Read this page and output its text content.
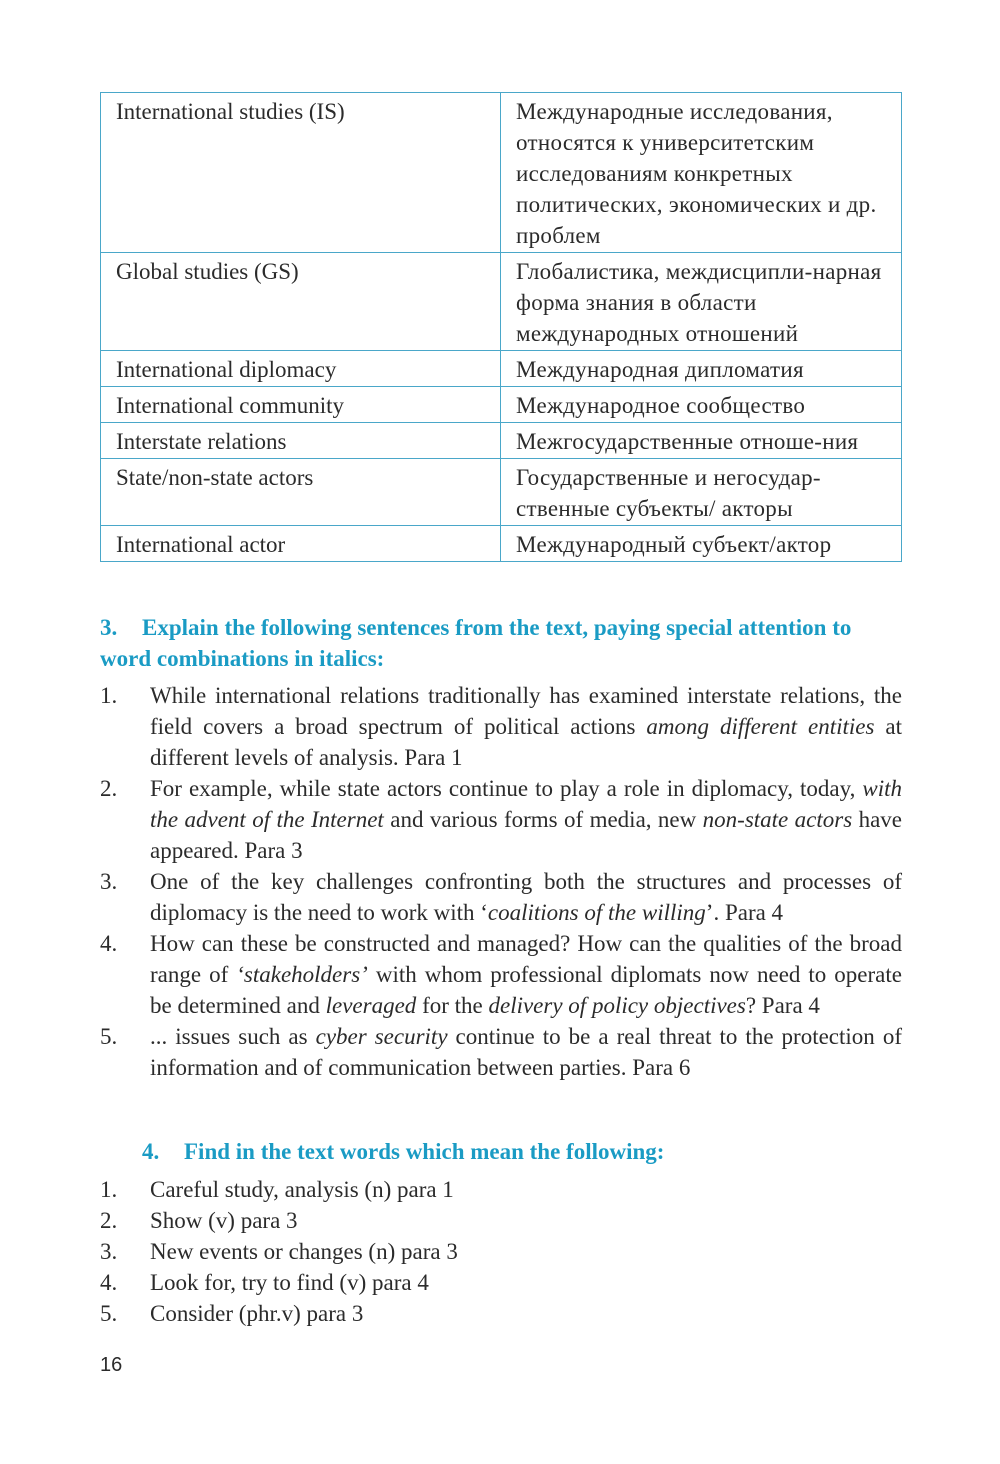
International studies (IS)	Международные исследования, относятся к университетским исследованиям конкретных политических, экономических и др. проблем
Global studies (GS)	Глобалистика, междисципли-нарная форма знания в области международных отношений
International diplomacy	Международная дипломатия
International community	Международное сообщество
Interstate relations	Межгосударственные отноше-ния
State/non-state actors	Государственные и негосудар-ственные субъекты/ акторы
International actor	Международный субъект/актор
3. Explain the following sentences from the text, paying special attention to word combinations in italics:
1. While international relations traditionally has examined interstate relations, the field covers a broad spectrum of political actions among different entities at different levels of analysis. Para 1
2. For example, while state actors continue to play a role in diplomacy, today, with the advent of the Internet and various forms of media, new non-state actors have appeared. Para 3
3. One of the key challenges confronting both the structures and processes of diplomacy is the need to work with ‘coalitions of the willing’. Para 4
4. How can these be constructed and managed? How can the qualities of the broad range of ‘stakeholders’ with whom professional diplomats now need to operate be determined and leveraged for the delivery of policy objectives? Para 4
5. ... issues such as cyber security continue to be a real threat to the protection of information and of communication between parties. Para 6
4. Find in the text words which mean the following:
1. Careful study, analysis (n) para 1
2. Show (v) para 3
3. New events or changes (n) para 3
4. Look for, try to find (v) para 4
5. Consider (phr.v) para 3
16
